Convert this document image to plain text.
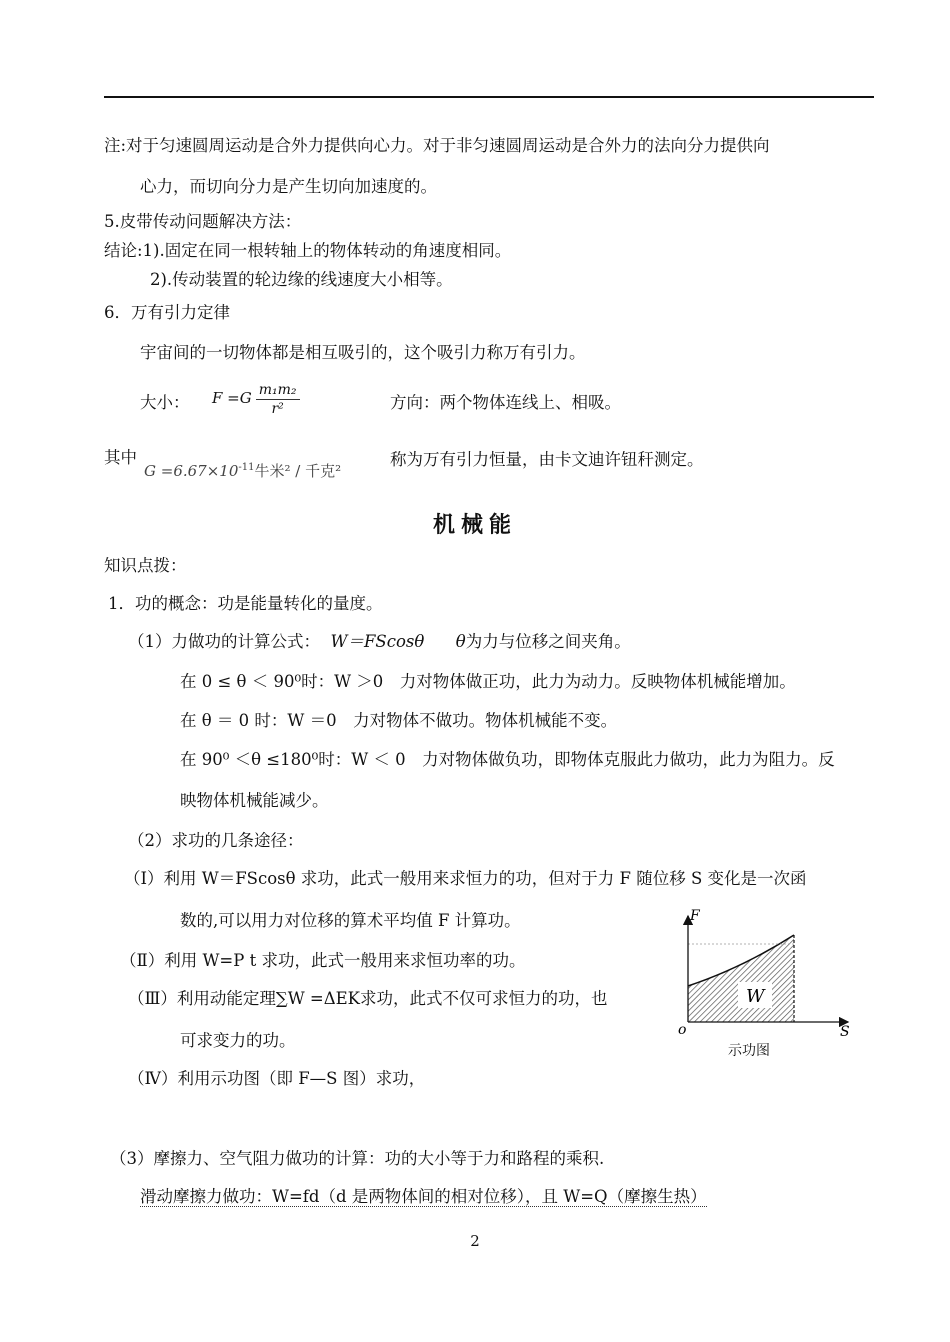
注:对于匀速圆周运动是合外力提供向心力。对于非匀速圆周运动是合外力的法向分力提供向
心力，而切向分力是产生切向加速度的。
5.皮带传动问题解决方法：
结论:1).固定在同一根转轴上的物体转动的角速度相同。
2).传动装置的轮边缘的线速度大小相等。
6．万有引力定律
宇宙间的一切物体都是相互吸引的，这个吸引力称万有引力。
大小： $F =G \frac{\text{m₁m₂}}{\text{r²}}$	方向：两个物体连线上、相吸。
其中
$G =6.67\times 10^{-11}$牛米² / 千克²
称为万有引力恒量，由卡文迪许钮秆测定。
机械能
知识点拨：
1．功的概念：功是能量转化的量度。
（1）力做功的计算公式： W＝FScosθ θ为力与位移之间夹角。
在 0 ≤ θ ＜ 90⁰时：W ＞0　力对物体做正功，此力为动力。反映物体机械能增加。
在 θ ＝ 0 时：W ＝0　力对物体不做功。物体机械能不变。
在 90⁰ ＜θ ≤180⁰时：W ＜ 0　力对物体做负功，即物体克服此力做功，此力为阻力。反
映物体机械能减少。
（2）求功的几条途径：
（Ⅰ）利用 W＝FScosθ 求功，此式一般用来求恒力的功，但对于力 F 随位移 S 变化是一次函
数的,可以用力对位移的算术平均值 F 计算功。
（Ⅱ）利用 W=P t 求功，此式一般用来求恒功率的功。
（Ⅲ）利用动能定理∑W =ΔEK求功，此式不仅可求恒力的功，也
可求变力的功。
（Ⅳ）利用示功图（即 F—S 图）求功，
F
S
o
W
示功图
（3）摩擦力、空气阻力做功的计算：功的大小等于力和路程的乘积.
滑动摩擦力做功：W=fd（d 是两物体间的相对位移），且 W=Q（摩擦生热）
2
